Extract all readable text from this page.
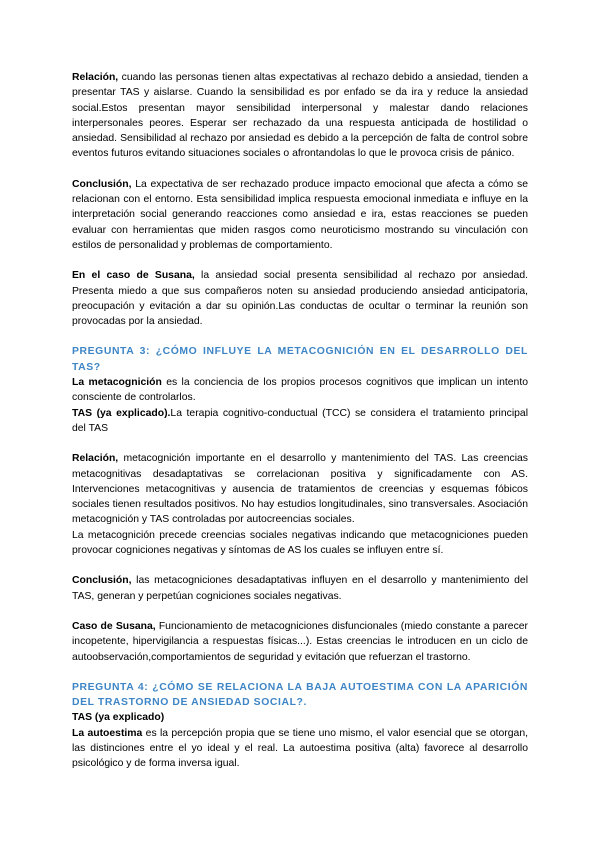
Relación, cuando las personas tienen altas expectativas al rechazo debido a ansiedad, tienden a presentar TAS y aislarse. Cuando la sensibilidad es por enfado se da ira y reduce la ansiedad social.Estos presentan mayor sensibilidad interpersonal y malestar dando relaciones interpersonales peores. Esperar ser rechazado da una respuesta anticipada de hostilidad o ansiedad. Sensibilidad al rechazo por ansiedad es debido a la percepción de falta de control sobre eventos futuros evitando situaciones sociales o afrontandolas lo que le provoca crisis de pánico.

Conclusión, La expectativa de ser rechazado produce impacto emocional que afecta a cómo se relacionan con el entorno. Esta sensibilidad implica respuesta emocional inmediata e influye en la interpretación social generando reacciones como ansiedad e ira, estas reacciones se pueden evaluar con herramientas que miden rasgos como neuroticismo mostrando su vinculación con estilos de personalidad y problemas de comportamiento.

En el caso de Susana, la ansiedad social presenta sensibilidad al rechazo por ansiedad. Presenta miedo a que sus compañeros noten su ansiedad produciendo ansiedad anticipatoria, preocupación y evitación a dar su opinión.Las conductas de ocultar o terminar la reunión son provocadas por la ansiedad.

PREGUNTA 3: ¿CÓMO INFLUYE LA METACOGNICIÓN EN EL DESARROLLO DEL TAS?

La metacognición es la conciencia de los propios procesos cognitivos que implican un intento consciente de controlarlos.

TAS (ya explicado).La terapia cognitivo-conductual (TCC) se considera el tratamiento principal del TAS

Relación, metacognición importante en el desarrollo y mantenimiento del TAS. Las creencias metacognitivas desadaptativas se correlacionan positiva y significadamente con AS. Intervenciones metacognitivas y ausencia de tratamientos de creencias y esquemas fóbicos sociales tienen resultados positivos. No hay estudios longitudinales, sino transversales. Asociación metacognición y TAS controladas por autocreencias sociales.

La metacognición precede creencias sociales negativas indicando que metacogniciones pueden provocar cogniciones negativas y síntomas de AS los cuales se influyen entre sí.

Conclusión, las metacogniciones desadaptativas influyen en el desarrollo y mantenimiento del TAS, generan y perpetúan cogniciones sociales negativas.

Caso de Susana, Funcionamiento de metacogniciones disfuncionales (miedo constante a parecer incopetente, hipervigilancia a respuestas físicas...). Estas creencias le introducen en un ciclo de autoobservación,comportamientos de seguridad y evitación que refuerzan el trastorno.

PREGUNTA 4: ¿CÓMO SE RELACIONA LA BAJA AUTOESTIMA CON LA APARICIÓN DEL TRASTORNO DE ANSIEDAD SOCIAL?.

TAS (ya explicado)

La autoestima es la percepción propia que se tiene uno mismo, el valor esencial que se otorgan, las distinciones entre el yo ideal y el real. La autoestima positiva (alta) favorece al desarrollo psicológico y de forma inversa igual.
